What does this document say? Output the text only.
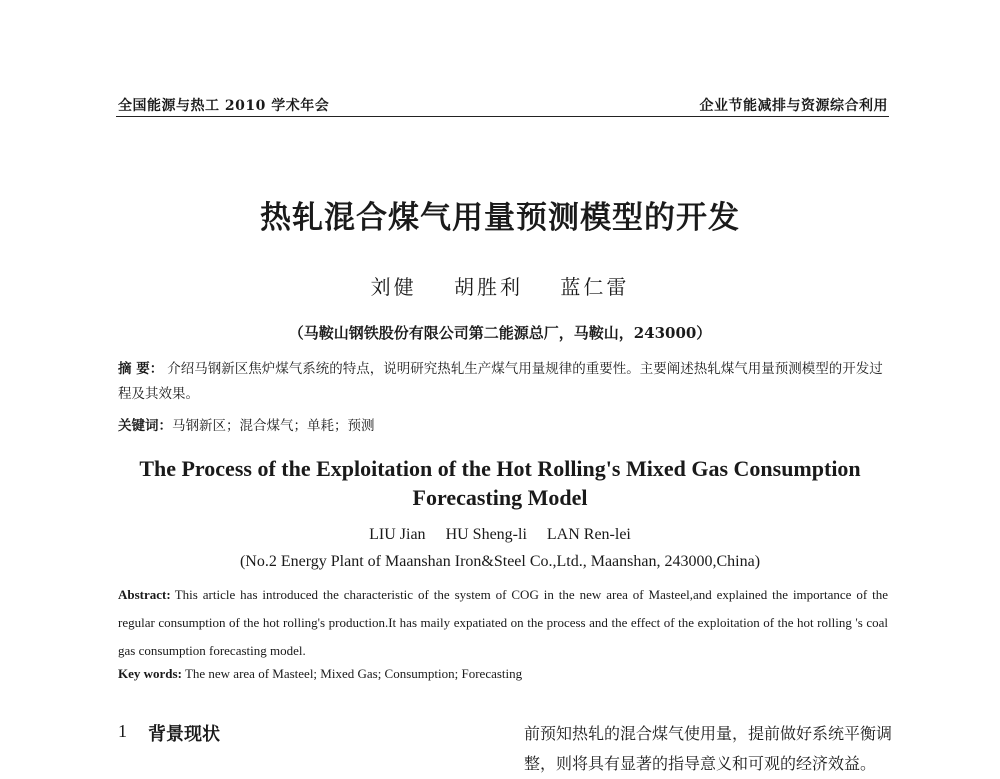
全国能源与热工 2010 学术年会	企业节能减排与资源综合利用
热轧混合煤气用量预测模型的开发
刘健 胡胜利 蓝仁雷
（马鞍山钢铁股份有限公司第二能源总厂，马鞍山，243000）
摘 要： 介绍马钢新区焦炉煤气系统的特点，说明研究热轧生产煤气用量规律的重要性。主要阐述热轧煤气用量预测模型的开发过程及其效果。
关键词：马钢新区；混合煤气；单耗；预测
The Process of the Exploitation of the Hot Rolling's Mixed Gas Consumption
Forecasting Model
LIU Jian HU Sheng-li LAN Ren-lei
(No.2 Energy Plant of Maanshan Iron&Steel Co.,Ltd., Maanshan, 243000,China)
Abstract: This article has introduced the characteristic of the system of COG in the new area of Masteel,and explained the importance of the regular consumption of the hot rolling's production.It has maily expatiated on the process and the effect of the exploitation of the hot rolling 's coal gas consumption forecasting model.
Key words: The new area of Masteel; Mixed Gas; Consumption; Forecasting
1 背景现状	前预知热轧的混合煤气使用量，提前做好系统平衡调整，则将具有显著的指导意义和可观的经济效益。
